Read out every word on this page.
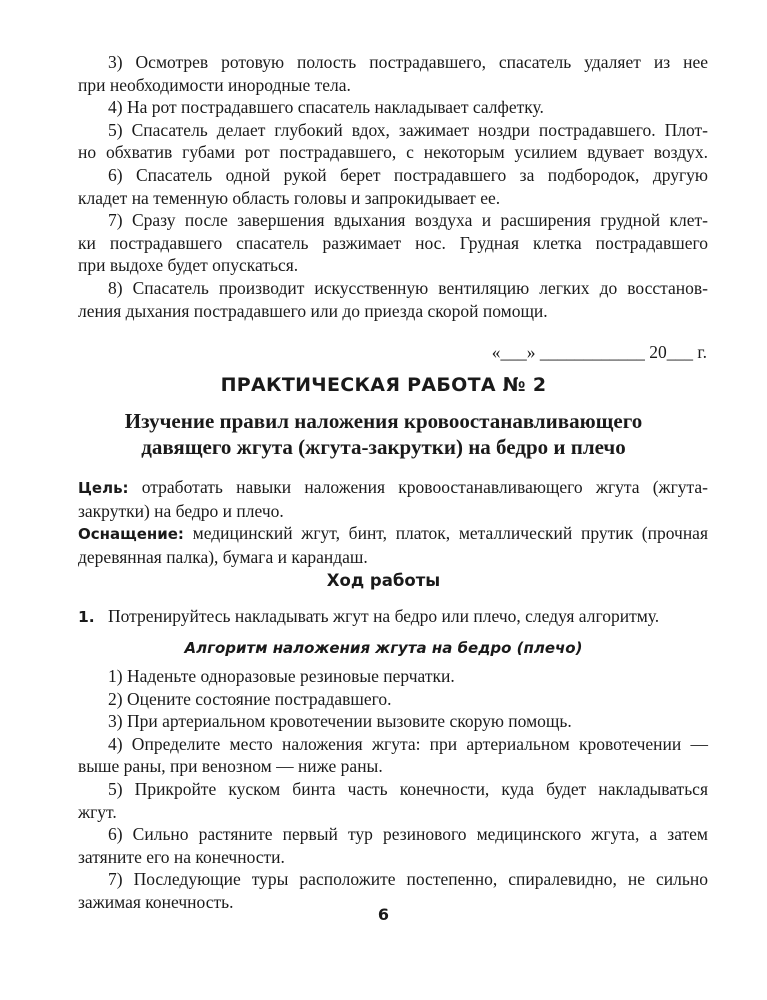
3) Осмотрев ротовую полость пострадавшего, спасатель удаляет из нее
при необходимости инородные тела.
4) На рот пострадавшего спасатель накладывает салфетку.
5) Спасатель делает глубокий вдох, зажимает ноздри пострадавшего. Плот-
но обхватив губами рот пострадавшего, с некоторым усилием вдувает воздух.
6) Спасатель одной рукой берет пострадавшего за подбородок, другую
кладет на теменную область головы и запрокидывает ее.
7) Сразу после завершения вдыхания воздуха и расширения грудной клет-
ки пострадавшего спасатель разжимает нос. Грудная клетка пострадавшего
при выдохе будет опускаться.
8) Спасатель производит искусственную вентиляцию легких до восстанов-
ления дыхания пострадавшего или до приезда скорой помощи.
«___» ____________ 20___ г.
ПРАКТИЧЕСКАЯ РАБОТА № 2
Изучение правил наложения кровоостанавливающего
давящего жгута (жгута-закрутки) на бедро и плечо
Цель: отработать навыки наложения кровоостанавливающего жгута (жгута-
закрутки) на бедро и плечо.
Оснащение: медицинский жгут, бинт, платок, металлический прутик (прочная
деревянная палка), бумага и карандаш.
Ход работы
1. Потренируйтесь накладывать жгут на бедро или плечо, следуя алгоритму.
Алгоритм наложения жгута на бедро (плечо)
1) Наденьте одноразовые резиновые перчатки.
2) Оцените состояние пострадавшего.
3) При артериальном кровотечении вызовите скорую помощь.
4) Определите место наложения жгута: при артериальном кровотечении —
выше раны, при венозном — ниже раны.
5) Прикройте куском бинта часть конечности, куда будет накладываться
жгут.
6) Сильно растяните первый тур резинового медицинского жгута, а затем
затяните его на конечности.
7) Последующие туры расположите постепенно, спиралевидно, не сильно
зажимая конечность.
6
